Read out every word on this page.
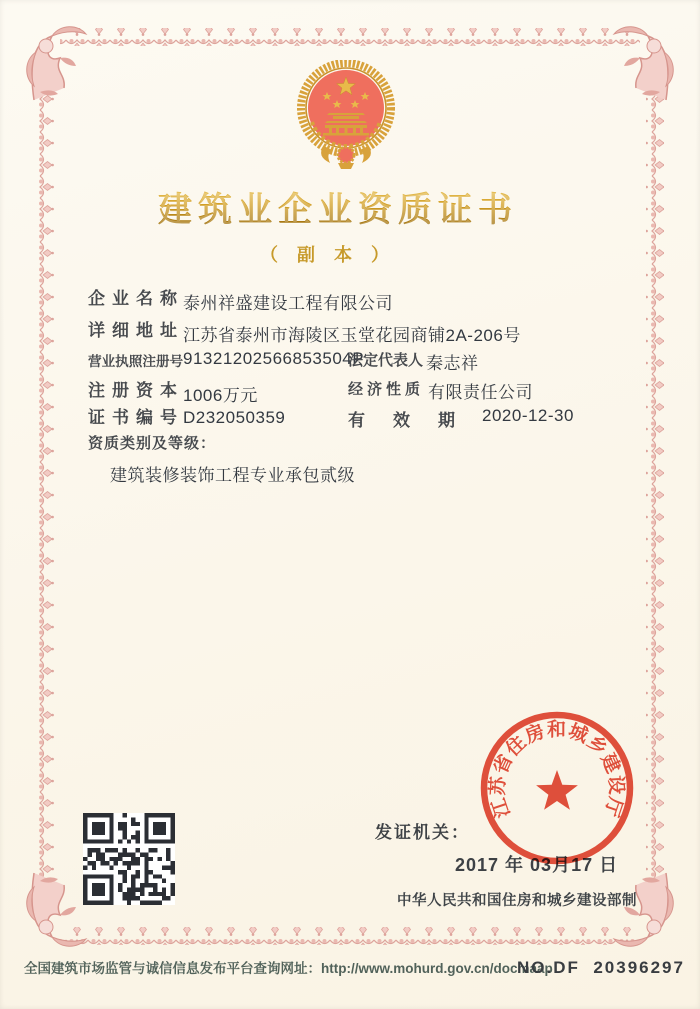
建筑业企业资质证书
（ 副 本 ）
企业名称 泰州祥盛建设工程有限公司
详细地址 江苏省泰州市海陵区玉堂花园商铺2A-206号
营业执照注册号 91321202566853504P
法定代表人 秦志祥
注册资本 1006万元	经济性质 有限责任公司
证书编号 D232050359	有效期 2020-12-30
资质类别及等级：
建筑装修装饰工程专业承包贰级
发证机关：
2017 年 03月17 日
中华人民共和国住房和城乡建设部制
江苏省住房和城乡建设厅
全国建筑市场监管与诚信信息发布平台查询网址：http://www.mohurd.gov.cn/docmaap
NO.DF  20396297
